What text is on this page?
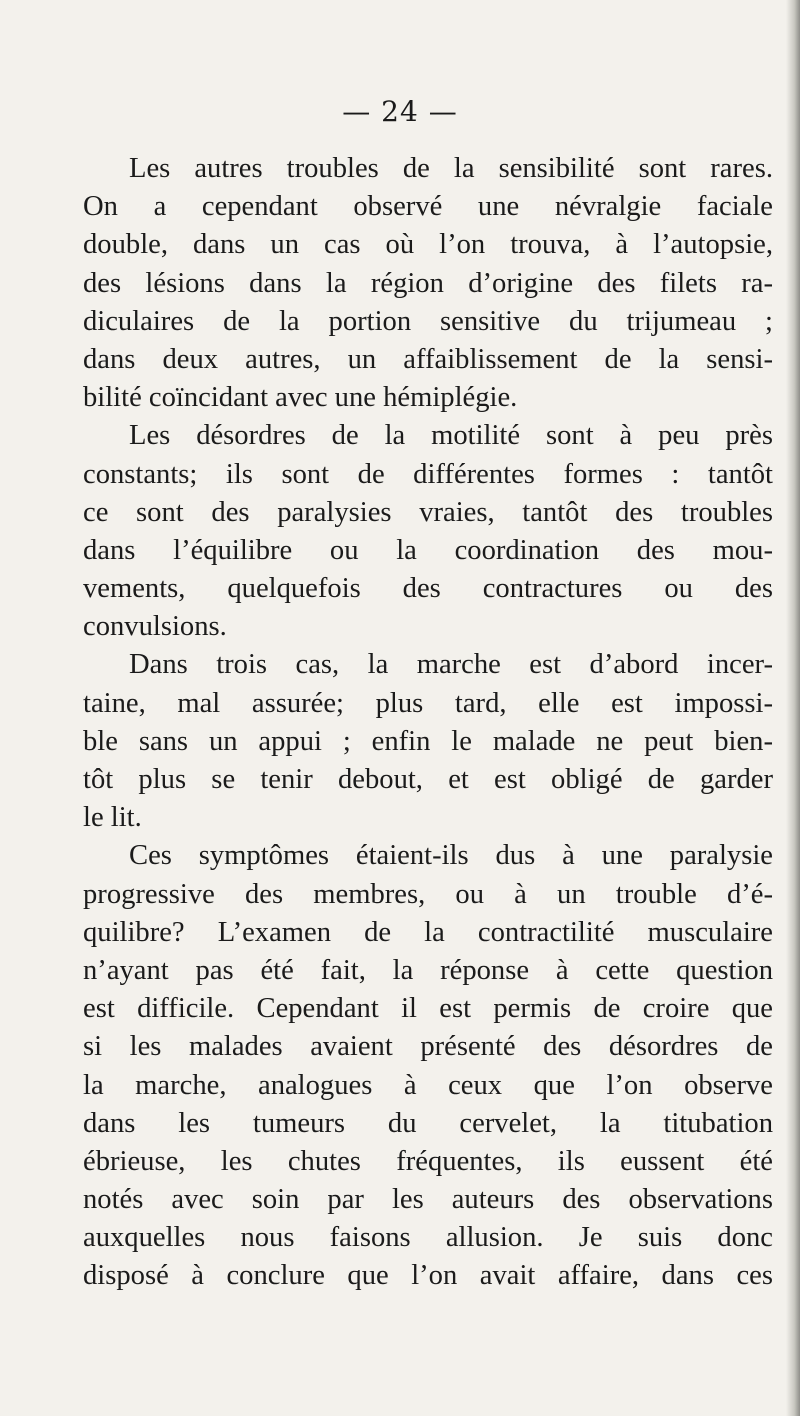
— 24 —
Les autres troubles de la sensibilité sont rares.
On a cependant observé une névralgie faciale
double, dans un cas où l’on trouva, à l’autopsie,
des lésions dans la région d’origine des filets ra-
diculaires de la portion sensitive du trijumeau ;
dans deux autres, un affaiblissement de la sensi-
bilité coïncidant avec une hémiplégie.
Les désordres de la motilité sont à peu près
constants; ils sont de différentes formes : tantôt
ce sont des paralysies vraies, tantôt des troubles
dans l’équilibre ou la coordination des mou-
vements, quelquefois des contractures ou des
convulsions.
Dans trois cas, la marche est d’abord incer-
taine, mal assurée; plus tard, elle est impossi-
ble sans un appui ; enfin le malade ne peut bien-
tôt plus se tenir debout, et est obligé de garder
le lit.
Ces symptômes étaient-ils dus à une paralysie
progressive des membres, ou à un trouble d’é-
quilibre? L’examen de la contractilité musculaire
n’ayant pas été fait, la réponse à cette question
est difficile. Cependant il est permis de croire que
si les malades avaient présenté des désordres de
la marche, analogues à ceux que l’on observe
dans les tumeurs du cervelet, la titubation
ébrieuse, les chutes fréquentes, ils eussent été
notés avec soin par les auteurs des observations
auxquelles nous faisons allusion. Je suis donc
disposé à conclure que l’on avait affaire, dans ces
